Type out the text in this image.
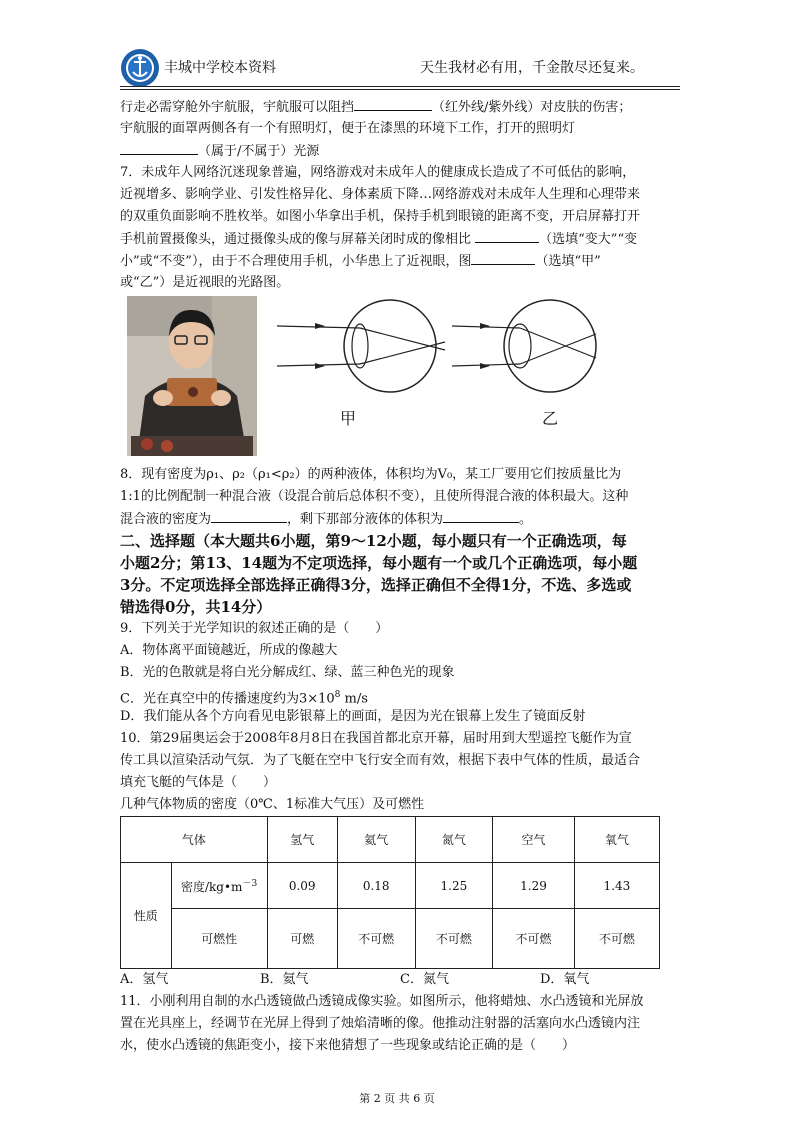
丰城中学校本资料	天生我材必有用，千金散尽还复来。
行走必需穿舱外宇航服，宇航服可以阻挡	（红外线/紫外线）对皮肤的伤害；
宇航服的面罩两侧各有一个有照明灯，便于在漆黑的环境下工作，打开的照明灯
（属于/不属于）光源
7．未成年人网络沉迷现象普遍，网络游戏对未成年人的健康成长造成了不可低估的影响，
近视增多、影响学业、引发性格异化、身体素质下降…网络游戏对未成年人生理和心理带来
的双重负面影响不胜枚举。如图小华拿出手机，保持手机到眼镜的距离不变，开启屏幕打开
手机前置摄像头，通过摄像头成的像与屏幕关闭时成的像相比	（选填“变大”“变
小”或“不变”），由于不合理使用手机，小华患上了近视眼，图	（选填“甲”
或“乙”）是近视眼的光路图。
甲	乙
8．现有密度为ρ₁、ρ₂（ρ₁<ρ₂）的两种液体，体积均为V₀，某工厂要用它们按质量比为
1:1的比例配制一种混合液（设混合前后总体积不变），且使所得混合液的体积最大。这种
混合液的密度为	，剩下那部分液体的体积为	。
二、选择题（本大题共6小题，第9～12小题，每小题只有一个正确选项，每
小题2分；第13、14题为不定项选择，每小题有一个或几个正确选项，每小题
3分。不定项选择全部选择正确得3分，选择正确但不全得1分，不选、多选或
错选得0分，共14分）
9．下列关于光学知识的叙述正确的是（　　）
A．物体离平面镜越近，所成的像越大
B．光的色散就是将白光分解成红、绿、蓝三种色光的现象
C．光在真空中的传播速度约为$3\times 10^8$ m/s
D．我们能从各个方向看见电影银幕上的画面，是因为光在银幕上发生了镜面反射
10．第29届奥运会于2008年8月8日在我国首都北京开幕，届时用到大型遥控飞艇作为宣
传工具以渲染活动气氛．为了飞艇在空中飞行安全而有效，根据下表中气体的性质，最适合
填充飞艇的气体是（　　）
几种气体物质的密度（0℃、1标准大气压）及可燃性
气体		氢气	氦气	氮气	空气	氧气
性质	密度$/kg•m^{-3}$	0.09	0.18	1.25	1.29	1.43
	可燃性	可燃	不可燃	不可燃	不可燃	不可燃
A．氢气	B．氦气	C．氮气	D．氧气
11．小刚利用自制的水凸透镜做凸透镜成像实验。如图所示，他将蜡烛、水凸透镜和光屏放
置在光具座上，经调节在光屏上得到了烛焰清晰的像。他推动注射器的活塞向水凸透镜内注
水，使水凸透镜的焦距变小，接下来他猜想了一些现象或结论正确的是（　　）
第 2 页 共 6 页
